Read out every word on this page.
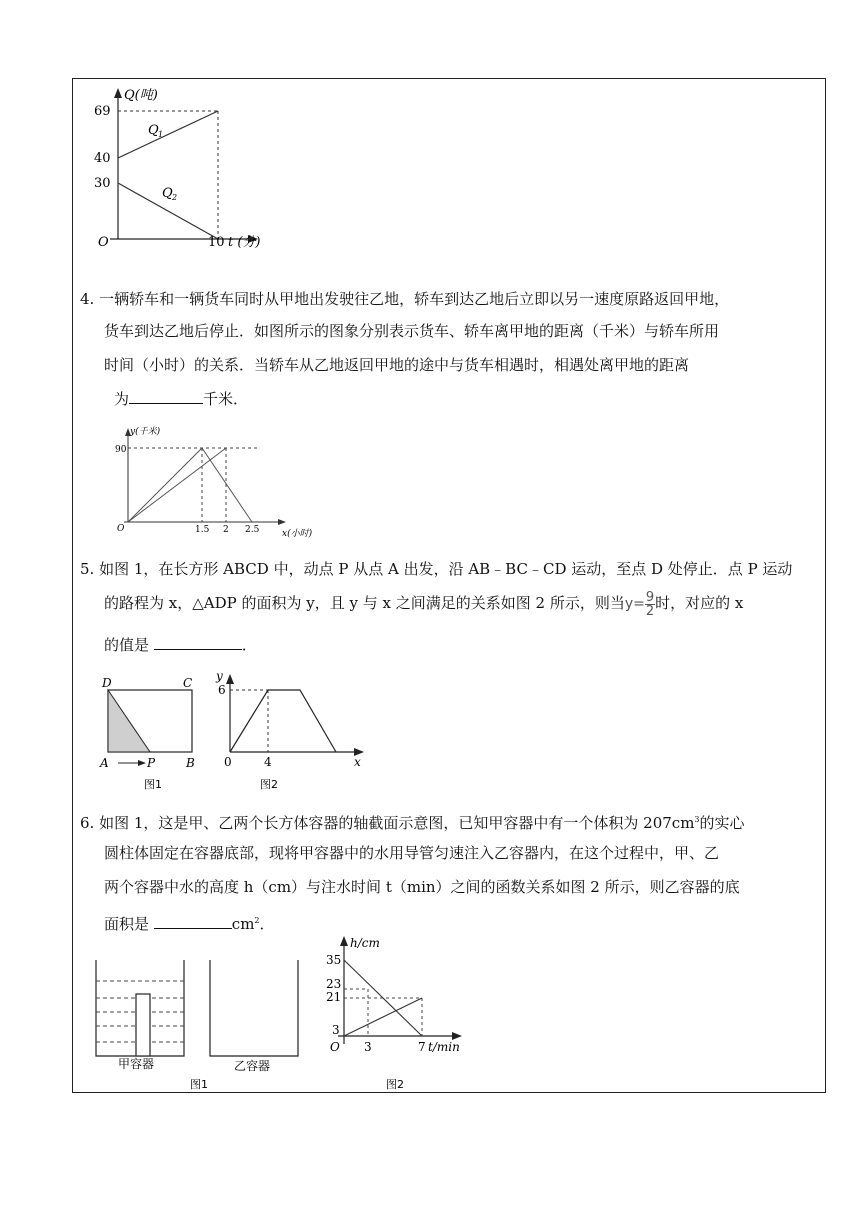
Q(吨)
69
40
30
O	10 t (分)
Q 1
Q 2
4. 一辆轿车和一辆货车同时从甲地出发驶往乙地，轿车到达乙地后立即以另一速度原路返回甲地，
货车到达乙地后停止．如图所示的图象分别表示货车、轿车离甲地的距离（千米）与轿车所用
时间（小时）的关系．当轿车从乙地返回甲地的途中与货车相遇时，相遇处离甲地的距离
为	千米．
y(千米)
90
O	1.5 2 2.5	x(小时)
5. 如图 1，在长方形 ABCD 中，动点 P 从点 A 出发，沿 AB﹣BC﹣CD 运动，至点 D 处停止．点 P 运动
的路程为 x，△ADP 的面积为 y，且 y 与 x 之间满足的关系如图 2 所示，则当$y= \frac{9}{2}$ 时，对应的 x
的值是	．
D	C
A	P	B
图1
y
6
0	4	x
图2
6. 如图 1，这是甲、乙两个长方体容器的轴截面示意图，已知甲容器中有一个体积为 $207cm^3$的实心
圆柱体固定在容器底部，现将甲容器中的水用导管匀速注入乙容器内，在这个过程中，甲、乙
两个容器中水的高度 h（cm）与注水时间 t（min）之间的函数关系如图 2 所示，则乙容器的底
面积是	$cm^2$．
甲容器	乙容器
图1
h/cm
35
23
21
3
O 3	7 t/min
图2
